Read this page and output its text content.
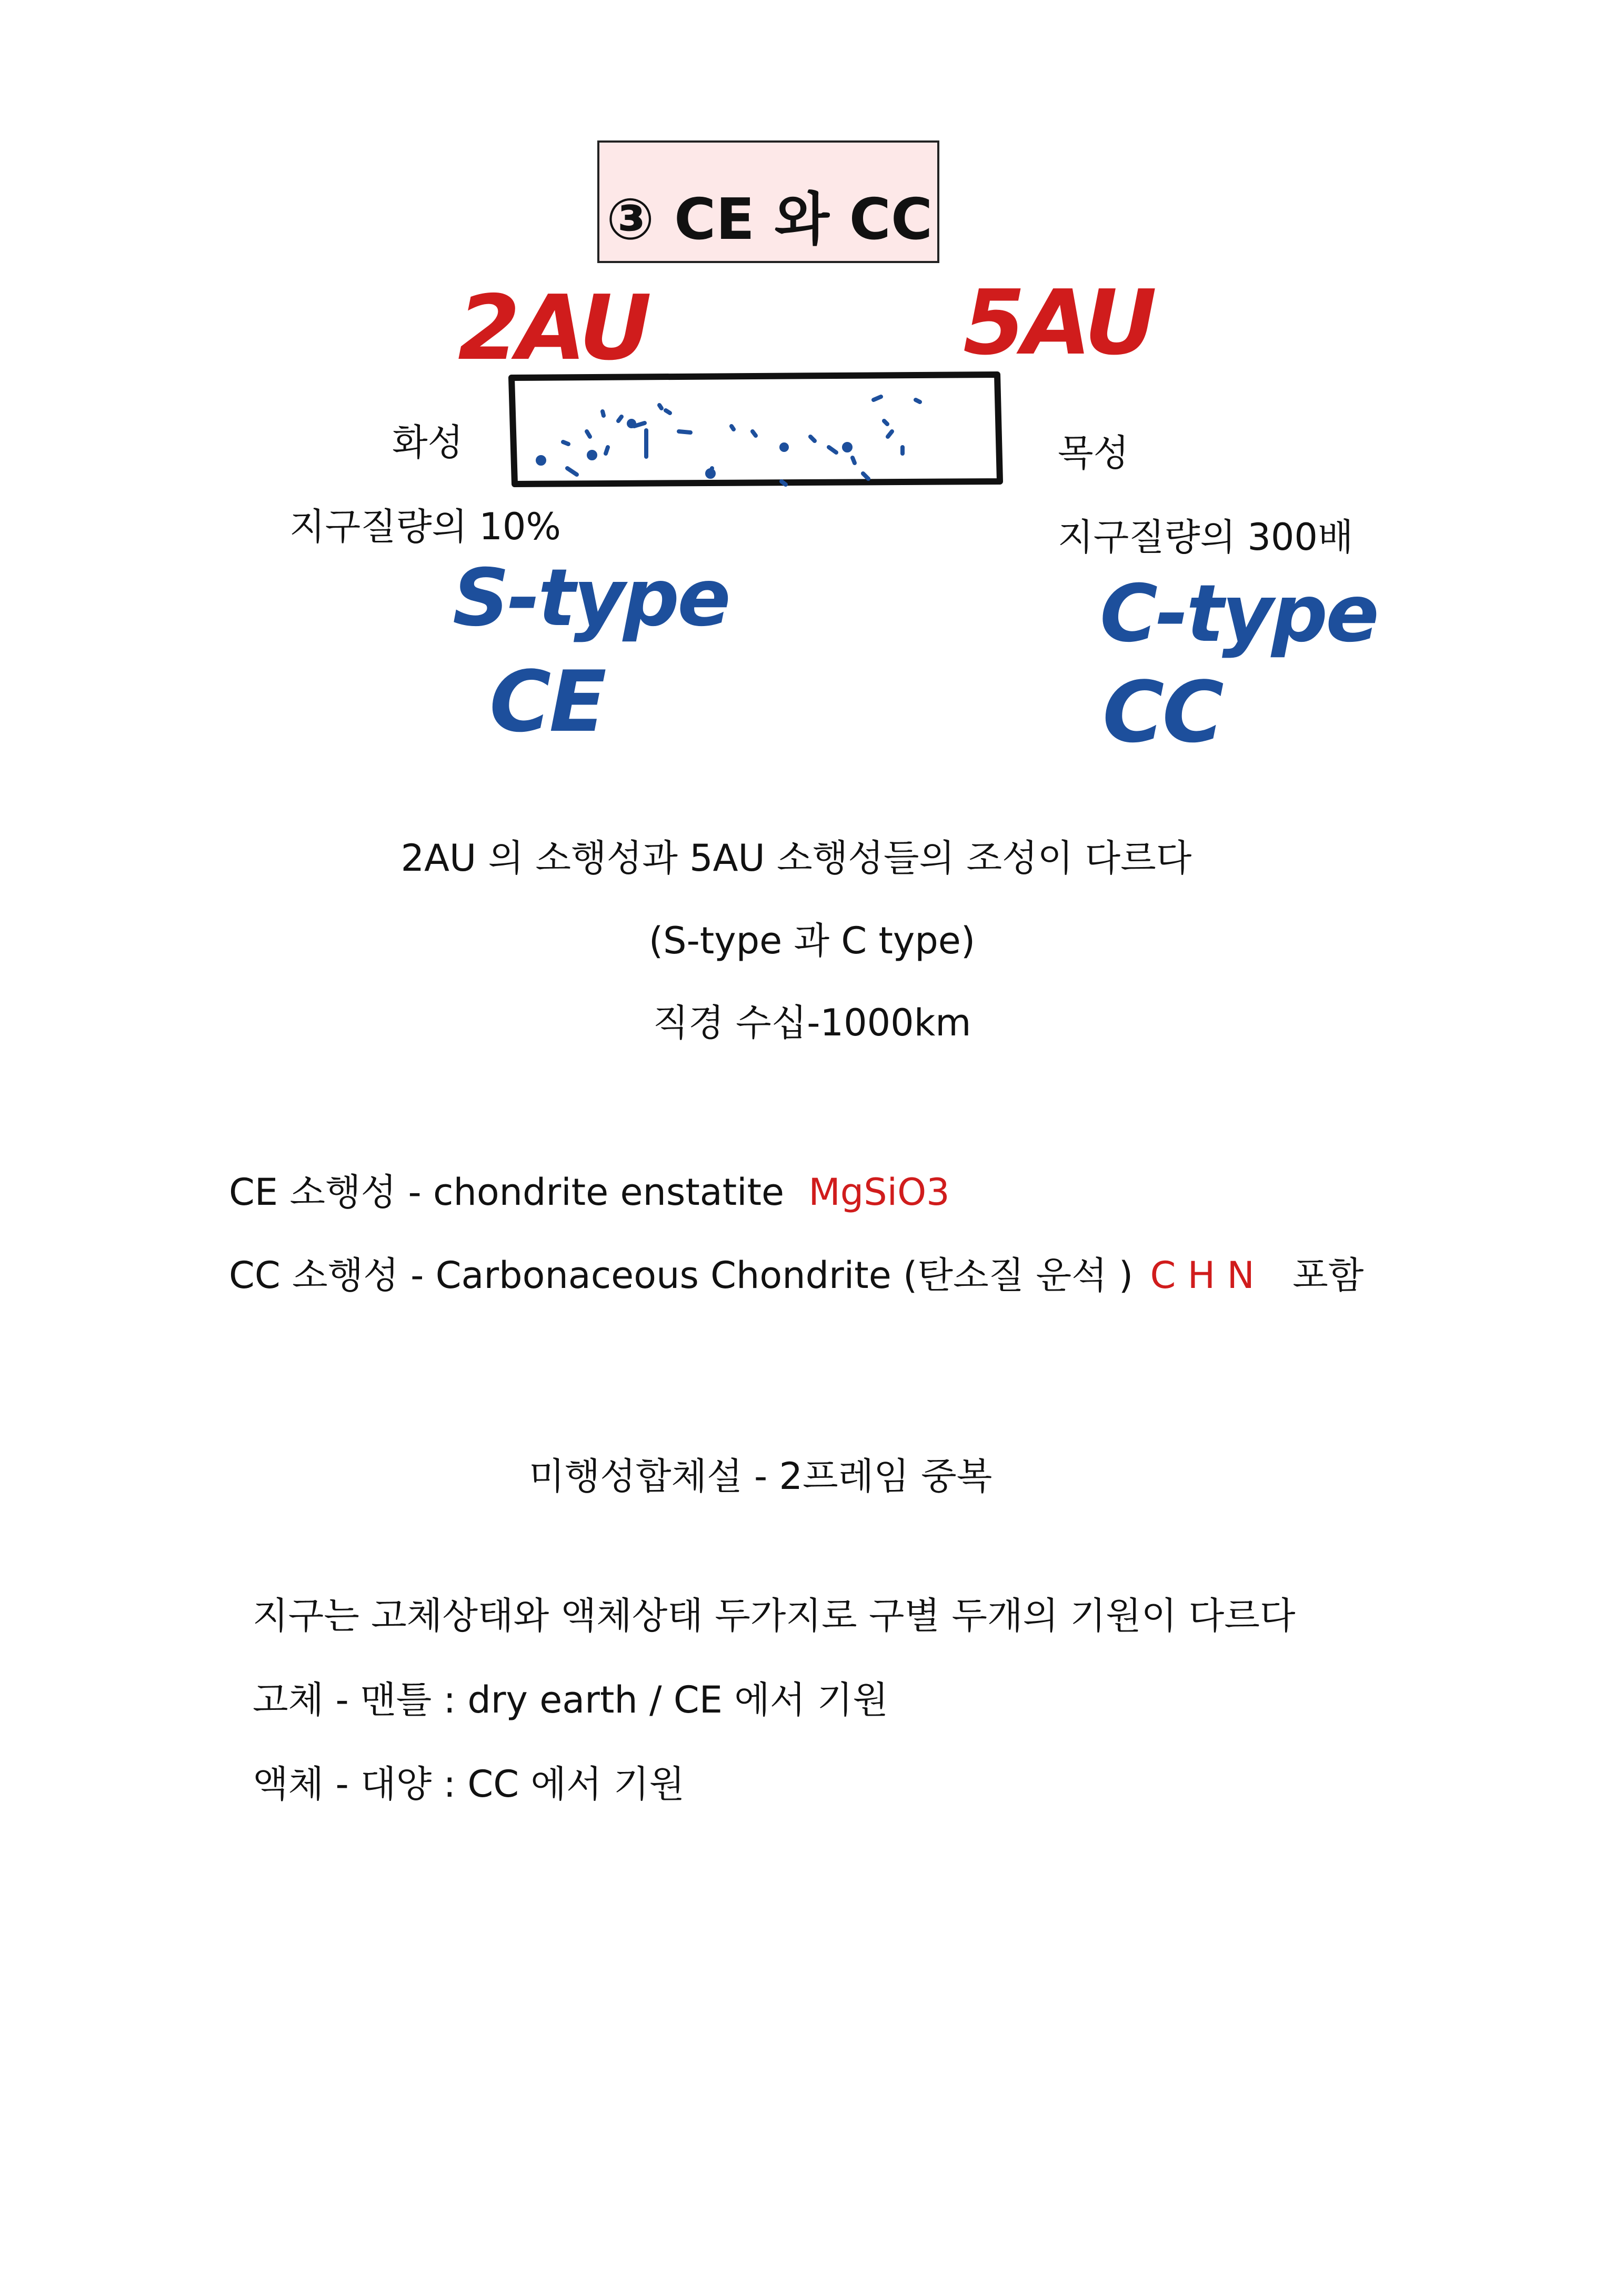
③ CE 와 CC
2AU	5AU
화성
지구질량의 10%
목성
지구질량의 300배
S-type
CE
C-type
CC
2AU 의 소행성과 5AU 소행성들의 조성이 다르다
(S-type 과 C type)
직경 수십-1000km
CE 소행성 - chondrite enstatite MgSiO3
CC 소행성 - Carbonaceous Chondrite (탄소질 운석 ) C H N 포함
미행성합체설 - 2프레임 중복
지구는 고체상태와 액체상태 두가지로 구별 두개의 기원이 다르다
고체 - 맨틀 : dry earth / CE 에서 기원
액체 - 대양 : CC 에서 기원
